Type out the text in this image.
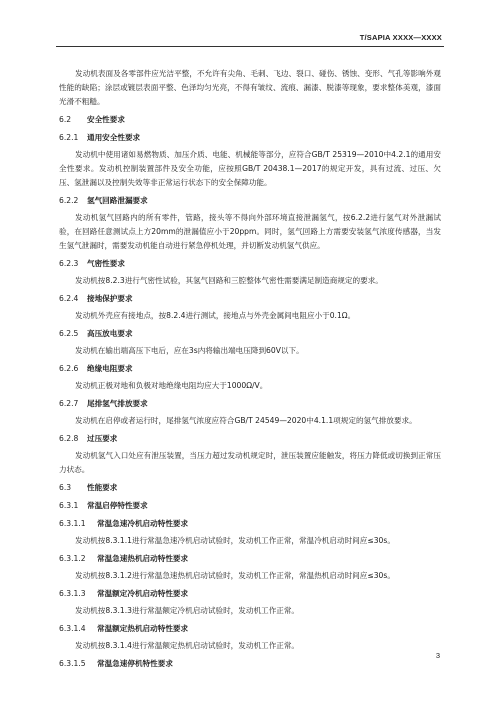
T/SAPIA XXXX—XXXX

发动机表面及各零部件应光洁平整，不允许有尖角、毛刺、飞边、裂口、碰伤、锈蚀、变形、气孔等影响外观性能的缺陷；涂层或镀层表面平整、色泽均匀光亮，不得有皱纹、流痕、漏漆、脱漆等现象，要求整体美观，漆面光滑不粗糙。

6.2 安全性要求
6.2.1 通用安全性要求

发动机中使用诸如易燃物质、加压介质、电能、机械能等部分，应符合GB/T 25319—2010中4.2.1的通用安全性要求。发动机控制装置部件及安全功能，应按照GB/T 20438.1—2017的规定开发，具有过流、过压、欠压、氢泄漏以及控制失效等非正常运行状态下的安全保障功能。

6.2.2 氢气回路泄漏要求

发动机氢气回路内的所有零件，管路，接头等不得向外部环境直接泄漏氢气，按6.2.2进行氢气对外泄漏试验，在回路任意测试点上方20mm的泄漏值应小于20ppm。同时，氢气回路上方需要安装氢气浓度传感器，当发生氢气泄漏时，需要发动机能自动进行紧急停机处理，并切断发动机氢气供应。

6.2.3 气密性要求

发动机按8.2.3进行气密性试验，其氢气回路和三腔整体气密性需要满足制造商规定的要求。

6.2.4 接地保护要求

发动机外壳应有接地点，按8.2.4进行测试，接地点与外壳金属间电阻应小于0.1Ω。

6.2.5 高压放电要求

发动机在输出端高压下电后，应在3s内将输出端电压降到60V以下。

6.2.6 绝缘电阻要求

发动机正极对地和负极对地绝缘电阻均应大于1000Ω/V。

6.2.7 尾排氢气排放要求

发动机在启停或者运行时，尾排氢气浓度应符合GB/T 24549—2020中4.1.1项规定的氢气排放要求。

6.2.8 过压要求

发动机氢气入口处应有泄压装置，当压力超过发动机规定时，泄压装置应能触发，将压力降低或切换到正常压力状态。

6.3 性能要求
6.3.1 常温启停特性要求
6.3.1.1 常温急速冷机启动特性要求

发动机按8.3.1.1进行常温急速冷机启动试验时，发动机工作正常，常温冷机启动时间应≤30s。

6.3.1.2 常温急速热机启动特性要求

发动机按8.3.1.2进行常温急速热机启动试验时，发动机工作正常，常温热机启动时间应≤30s。

6.3.1.3 常温额定冷机启动特性要求

发动机按8.3.1.3进行常温额定冷机启动试验时，发动机工作正常。

6.3.1.4 常温额定热机启动特性要求

发动机按8.3.1.4进行常温额定热机启动试验时，发动机工作正常。

6.3.1.5 常温急速停机特性要求
3
